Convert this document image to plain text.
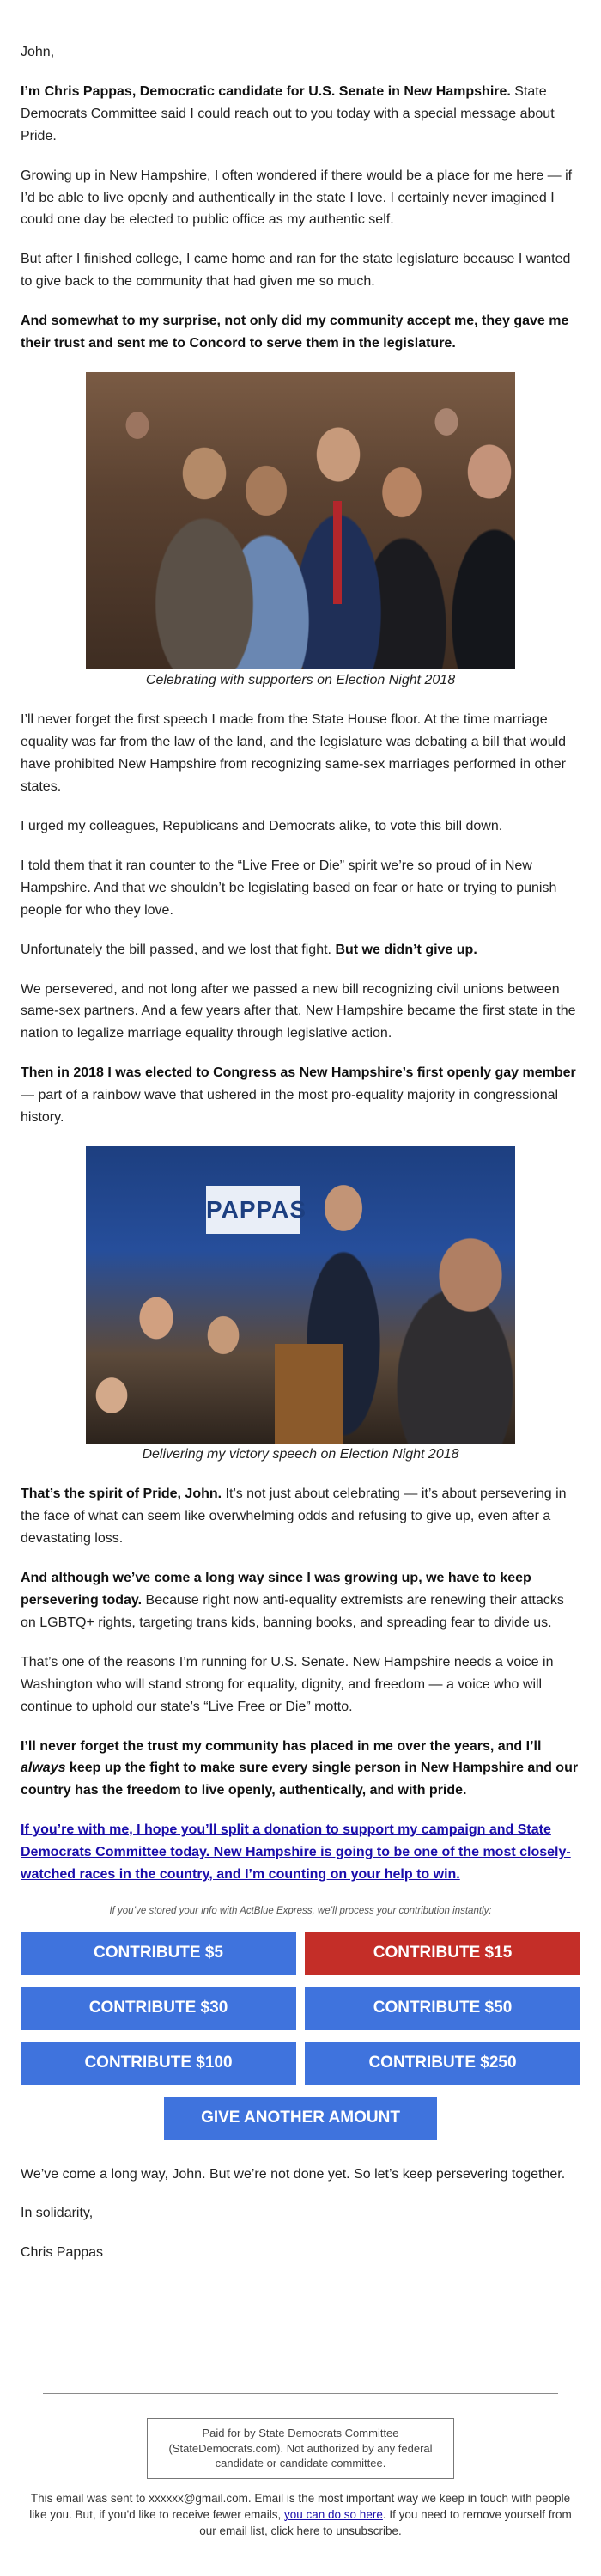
John,

I’m Chris Pappas, Democratic candidate for U.S. Senate in New Hampshire. State Democrats Committee said I could reach out to you today with a special message about Pride.

Growing up in New Hampshire, I often wondered if there would be a place for me here — if I’d be able to live openly and authentically in the state I love. I certainly never imagined I could one day be elected to public office as my authentic self.

But after I finished college, I came home and ran for the state legislature because I wanted to give back to the community that had given me so much.

And somewhat to my surprise, not only did my community accept me, they gave me their trust and sent me to Concord to serve them in the legislature.

Celebrating with supporters on Election Night 2018

I’ll never forget the first speech I made from the State House floor. At the time marriage equality was far from the law of the land, and the legislature was debating a bill that would have prohibited New Hampshire from recognizing same-sex marriages performed in other states.

I urged my colleagues, Republicans and Democrats alike, to vote this bill down.

I told them that it ran counter to the “Live Free or Die” spirit we’re so proud of in New Hampshire. And that we shouldn’t be legislating based on fear or hate or trying to punish people for who they love.

Unfortunately the bill passed, and we lost that fight. But we didn’t give up.

We persevered, and not long after we passed a new bill recognizing civil unions between same-sex partners. And a few years after that, New Hampshire became the first state in the nation to legalize marriage equality through legislative action.

Then in 2018 I was elected to Congress as New Hampshire’s first openly gay member — part of a rainbow wave that ushered in the most pro-equality majority in congressional history.

PAPPAS
Delivering my victory speech on Election Night 2018

That’s the spirit of Pride, John. It’s not just about celebrating — it’s about persevering in the face of what can seem like overwhelming odds and refusing to give up, even after a devastating loss.

And although we’ve come a long way since I was growing up, we have to keep persevering today. Because right now anti-equality extremists are renewing their attacks on LGBTQ+ rights, targeting trans kids, banning books, and spreading fear to divide us.

That’s one of the reasons I’m running for U.S. Senate. New Hampshire needs a voice in Washington who will stand strong for equality, dignity, and freedom — a voice who will continue to uphold our state’s “Live Free or Die” motto.

I’ll never forget the trust my community has placed in me over the years, and I’ll always keep up the fight to make sure every single person in New Hampshire and our country has the freedom to live openly, authentically, and with pride.

If you’re with me, I hope you’ll split a donation to support my campaign and State Democrats Committee today. New Hampshire is going to be one of the most closely-watched races in the country, and I’m counting on your help to win.

If you’ve stored your info with ActBlue Express, we’ll process your contribution instantly:

CONTRIBUTE $5	CONTRIBUTE $15
CONTRIBUTE $30	CONTRIBUTE $50
CONTRIBUTE $100	CONTRIBUTE $250
GIVE ANOTHER AMOUNT

We’ve come a long way, John. But we’re not done yet. So let’s keep persevering together.

In solidarity,

Chris Pappas

Paid for by State Democrats Committee (StateDemocrats.com). Not authorized by any federal candidate or candidate committee.
This email was sent to xxxxxx@gmail.com. Email is the most important way we keep in touch with people like you. But, if you'd like to receive fewer emails, you can do so here. If you need to remove yourself from our email list, click here to unsubscribe.
